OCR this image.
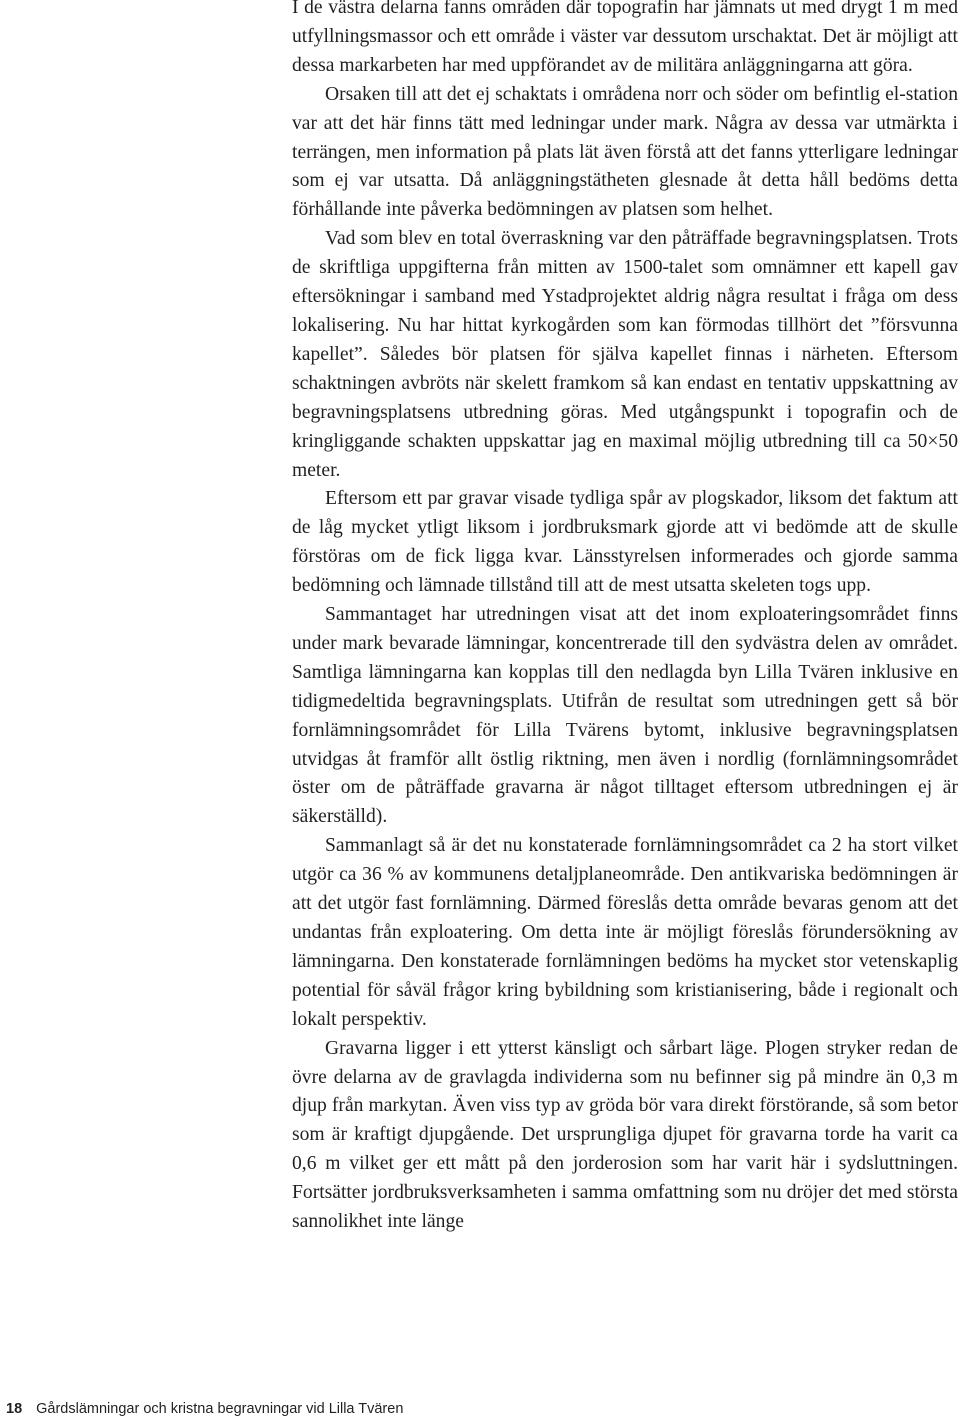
I de västra delarna fanns områden där topografin har jämnats ut med drygt 1 m med utfyllningsmassor och ett område i väster var dessutom urschaktat. Det är möjligt att dessa markarbeten har med uppförandet av de militära anläggningarna att göra.

Orsaken till att det ej schaktats i områdena norr och söder om befintlig el-station var att det här finns tätt med ledningar under mark. Några av dessa var utmärkta i terrängen, men information på plats lät även förstå att det fanns ytterligare ledningar som ej var utsatta. Då anläggningstätheten glesnade åt detta håll bedöms detta förhållande inte påverka bedömningen av platsen som helhet.

Vad som blev en total överraskning var den påträffade begravningsplatsen. Trots de skriftliga uppgifterna från mitten av 1500-talet som omnämner ett kapell gav eftersökningar i samband med Ystadprojektet aldrig några resultat i fråga om dess lokalisering. Nu har hittat kyrkogården som kan förmodas tillhört det ”försvunna kapellet”. Således bör platsen för själva kapellet finnas i närheten. Eftersom schaktningen avbröts när skelett framkom så kan endast en tentativ uppskattning av begravningsplatsens utbredning göras. Med utgångspunkt i topografin och de kringliggande schakten uppskattar jag en maximal möjlig utbredning till ca 50×50 meter.

Eftersom ett par gravar visade tydliga spår av plogskador, liksom det faktum att de låg mycket ytligt liksom i jordbruksmark gjorde att vi bedömde att de skulle förstöras om de fick ligga kvar. Länsstyrelsen informerades och gjorde samma bedömning och lämnade tillstånd till att de mest utsatta skeleten togs upp.

Sammantaget har utredningen visat att det inom exploateringsområdet finns under mark bevarade lämningar, koncentrerade till den sydvästra delen av området. Samtliga lämningarna kan kopplas till den nedlagda byn Lilla Tvären inklusive en tidigmedeltida begravningsplats. Utifrån de resultat som utredningen gett så bör fornlämningsområdet för Lilla Tvärens bytomt, inklusive begravningsplatsen utvidgas åt framför allt östlig riktning, men även i nordlig (fornlämningsområdet öster om de påträffade gravarna är något tilltaget eftersom utbredningen ej är säkerställd).

Sammanlagt så är det nu konstaterade fornlämningsområdet ca 2 ha stort vilket utgör ca 36 % av kommunens detaljplaneområde. Den antikvariska bedömningen är att det utgör fast fornlämning. Därmed föreslås detta område bevaras genom att det undantas från exploatering. Om detta inte är möjligt föreslås förundersökning av lämningarna. Den konstaterade fornlämningen bedöms ha mycket stor vetenskaplig potential för såväl frågor kring bybildning som kristianisering, både i regionalt och lokalt perspektiv.

Gravarna ligger i ett ytterst känsligt och sårbart läge. Plogen stryker redan de övre delarna av de gravlagda individerna som nu befinner sig på mindre än 0,3 m djup från markytan. Även viss typ av gröda bör vara direkt förstörande, så som betor som är kraftigt djupgående. Det ursprungliga djupet för gravarna torde ha varit ca 0,6 m vilket ger ett mått på den jorderosion som har varit här i sydsluttningen. Fortsätter jordbruksverksamheten i samma omfattning som nu dröjer det med största sannolikhet inte länge

18 Gårdslämningar och kristna begravningar vid Lilla Tvären
